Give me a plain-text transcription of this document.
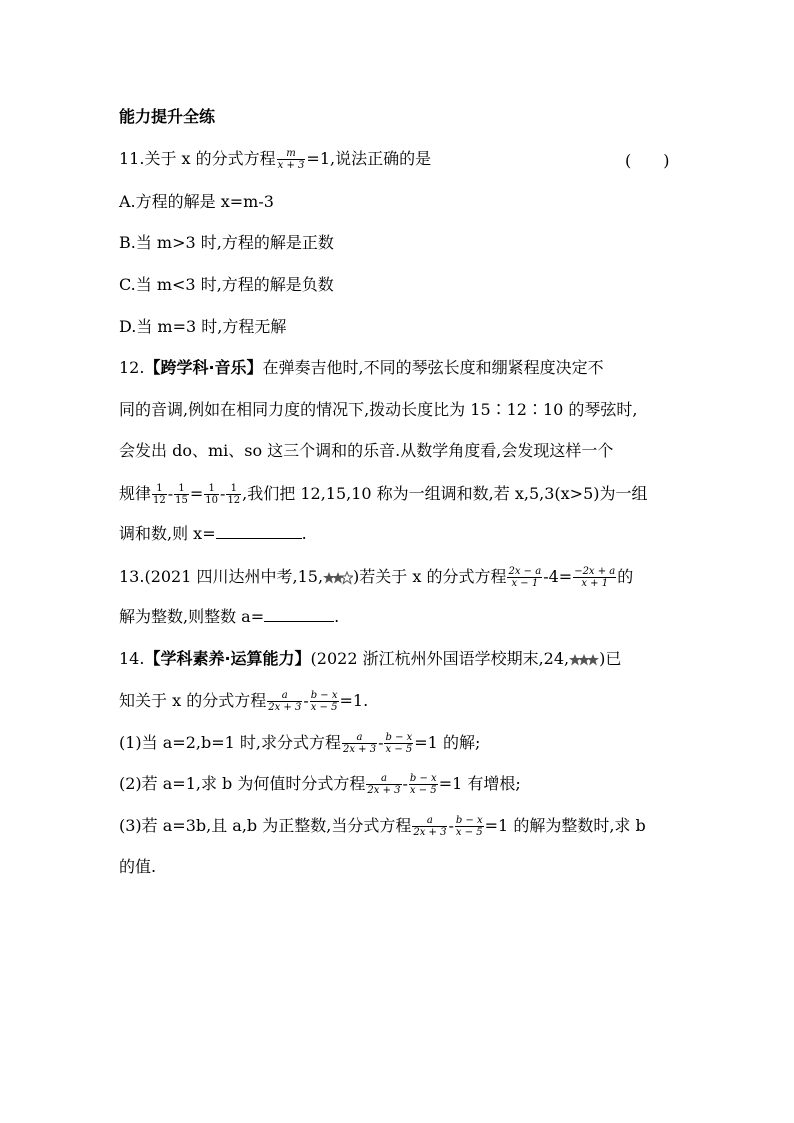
能力提升全练
11.关于 x 的分式方程 $\frac{m}{x + 3} =1$,说法正确的是	(　　)
A.方程的解是 x=m-3
B.当 m>3 时,方程的解是正数
C.当 m<3 时,方程的解是负数
D.当 m=3 时,方程无解
12.【跨学科·音乐】在弹奏吉他时,不同的琴弦长度和绷紧程度决定不
同的音调,例如在相同力度的情况下,拨动长度比为 15∶12∶10 的琴弦时,
会发出 do、mi、so 这三个调和的乐音.从数学角度看,会发现这样一个
规律 $\frac{1}{12} - \frac{1}{15} = \frac{1}{10} - \frac{1}{12}$ ,我们把 12,15,10 称为一组调和数,若 x,5,3(x>5)为一组
调和数,则 x=	.
13.(2021 四川达州中考,15, )若关于 x 的分式方程 $\frac{2x - a}{x - 1} -4= \frac{-2x + a}{x + 1}$ 的
解为整数,则整数 a=	.
14.【学科素养·运算能力】(2022 浙江杭州外国语学校期末,24, )已
知关于 x 的分式方程 $\frac{a}{2x + 3} - \frac{b - x}{x - 5} =1$.
(1)当 a=2,b=1 时,求分式方程 $\frac{a}{2x + 3} - \frac{b - x}{x - 5} =1$ 的解;
(2)若 a=1,求 b 为何值时分式方程 $\frac{a}{2x + 3} - \frac{b - x}{x - 5} =1$ 有增根;
(3)若 a=3b,且 a,b 为正整数,当分式方程 $\frac{a}{2x + 3} - \frac{b - x}{x - 5} =1$ 的解为整数时,求 b
的值.
